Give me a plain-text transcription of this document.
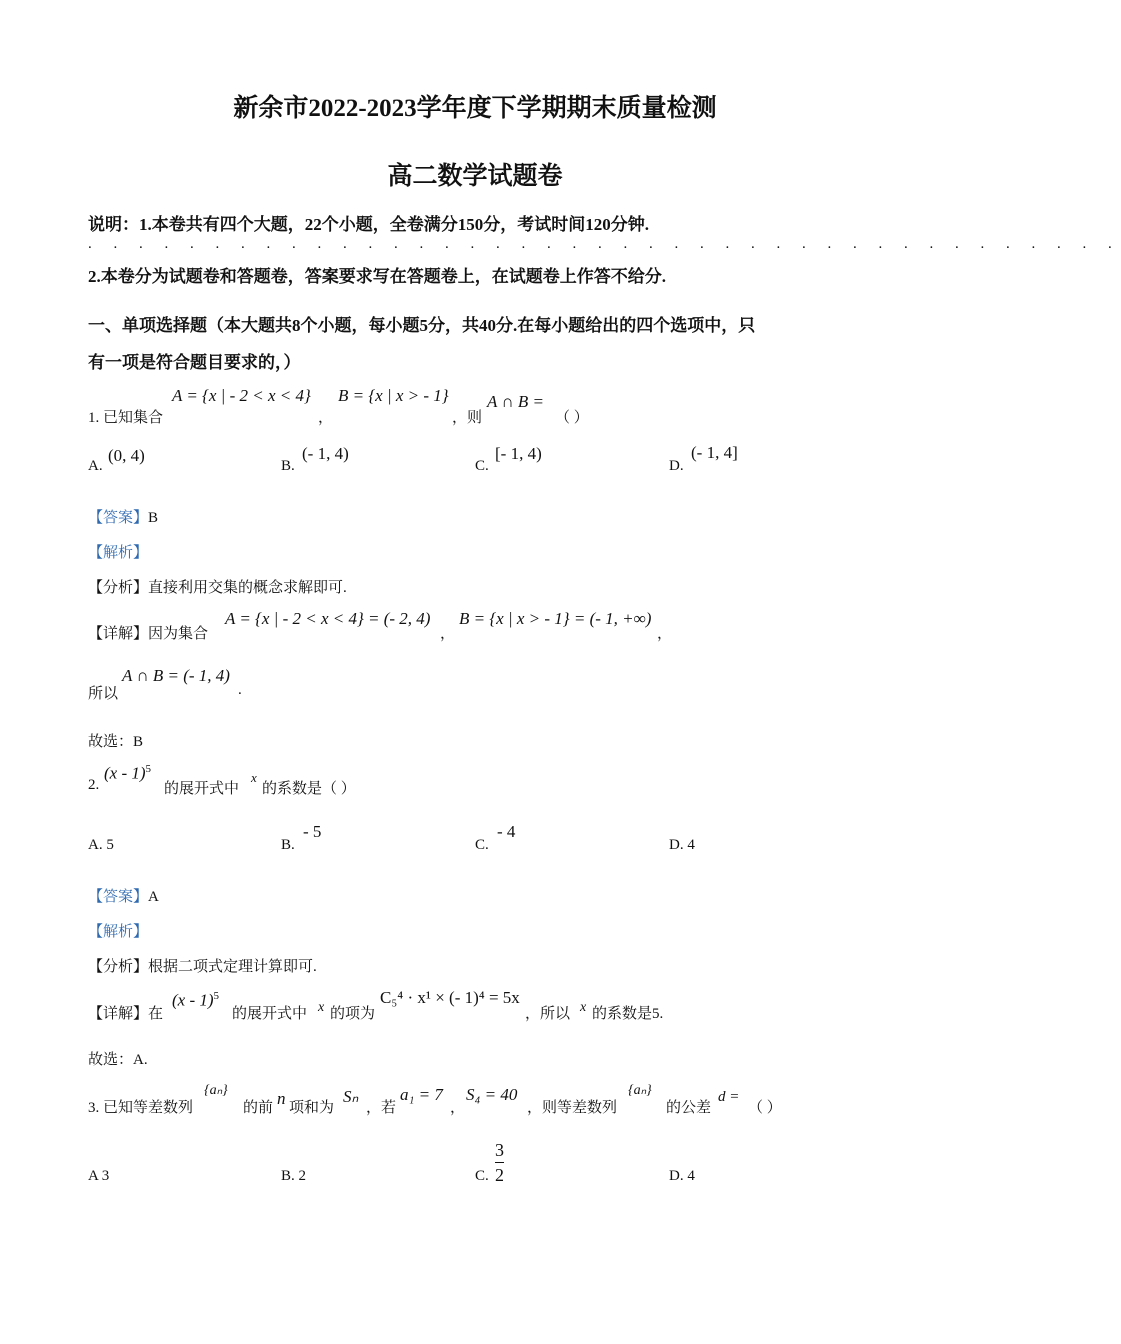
新余市2022-2023学年度下学期期末质量检测
高二数学试题卷
说明：1.本卷共有四个大题，22个小题，全卷满分150分，考试时间120分钟.
. . . . . . . . . . . . . . . . . . . . . . . . . . . . . . . . . . . . . . . . .
2.本卷分为试题卷和答题卷，答案要求写在答题卷上，在试题卷上作答不给分.
一、单项选择题（本大题共8个小题，每小题5分，共40分.在每小题给出的四个选项中，只
有一项是符合题目要求的，）
1. 已知集合
A = {x | - 2 < x < 4}
，
B = {x | x > - 1}
，则
A ∩ B =
（ ）
A.
(0, 4)
B.
(- 1, 4)
C.
[- 1, 4)
D.
(- 1, 4]
【答案】B
【解析】
【分析】直接利用交集的概念求解即可.
【详解】因为集合
A = {x | - 2 < x < 4} = (- 2, 4)
，
B = {x | x > - 1} = (- 1, +∞)
，
所以
A ∩ B = (- 1, 4)
.
故选：B
2.
(x - 1)$^5$
的展开式中
x
的系数是（ ）
A. 5	B.
- 5
C.
- 4
D. 4
【答案】A
【解析】
【分析】根据二项式定理计算即可.
【详解】在
(x - 1)$^5$
的展开式中 x 的项为
C₅⁴ · x¹ × (- 1)⁴ = 5x
，所以 x 的系数是5.
故选：A.
3. 已知等差数列
{aₙ}
的前 n 项和为
Sₙ
，若
a₁ = 7
，
S₄ = 40
，则等差数列
{aₙ}
的公差
d =
（ ）
A 3	B. 2	C. $\frac{3}{2}$	D. 4
